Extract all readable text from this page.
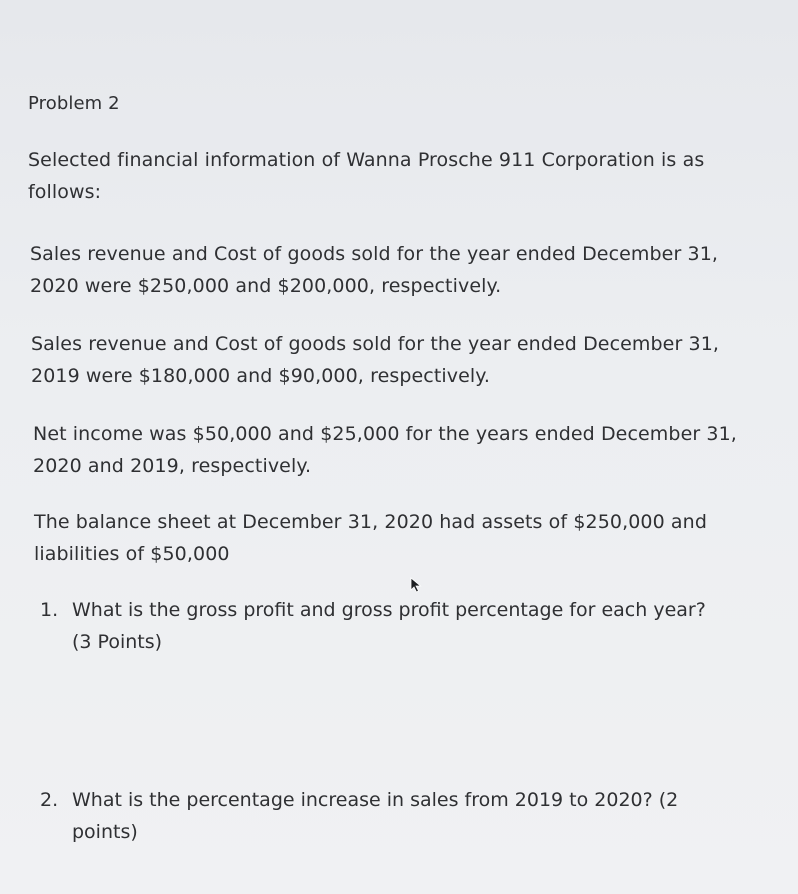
Problem 2
Selected financial information of Wanna Prosche 911 Corporation is as follows:
Sales revenue and Cost of goods sold for the year ended December 31, 2020 were $250,000 and $200,000, respectively.
Sales revenue and Cost of goods sold for the year ended December 31, 2019 were $180,000 and $90,000, respectively.
Net income was $50,000 and $25,000 for the years ended December 31, 2020 and 2019, respectively.
The balance sheet at December 31, 2020 had assets of $250,000 and liabilities of $50,000
1. What is the gross profit and gross profit percentage for each year?
(3 Points)
2. What is the percentage increase in sales from 2019 to 2020? (2
points)
